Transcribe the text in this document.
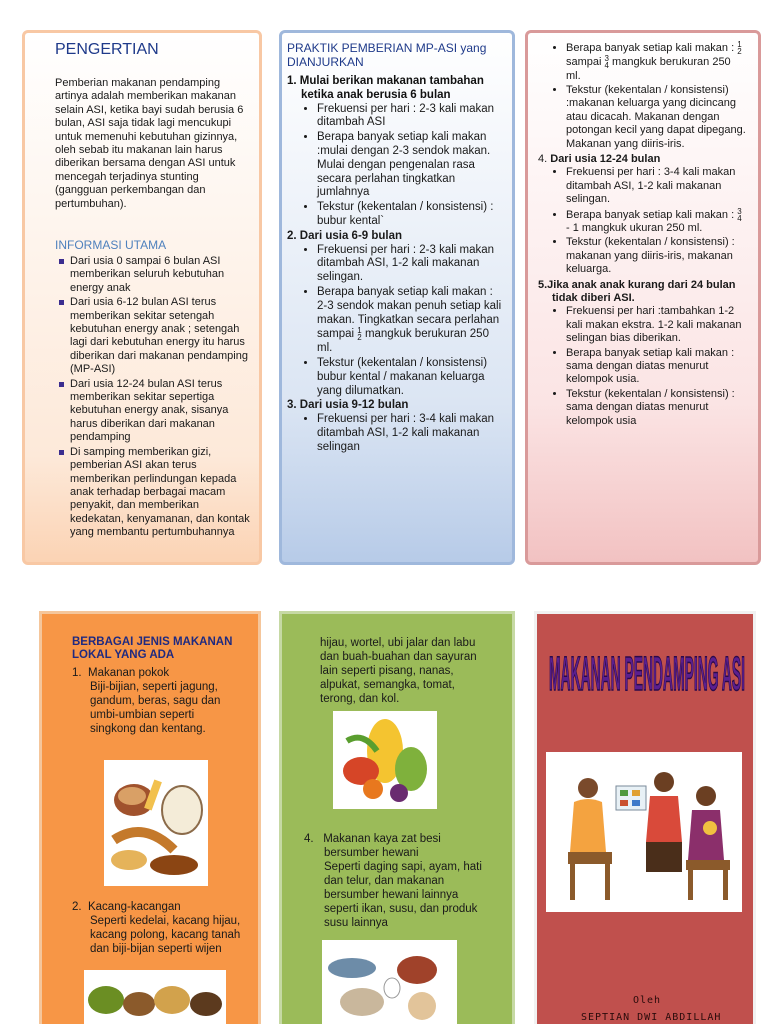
PENGERTIAN
Pemberian makanan pendamping artinya adalah memberikan makanan selain ASI, ketika bayi sudah berusia 6 bulan, ASI saja tidak lagi mencukupi untuk memenuhi kebutuhan gizinnya, oleh sebab itu makanan lain harus diberikan bersama dengan ASI untuk mencegah terjadinya stunting (gangguan perkembangan dan pertumbuhan).
INFORMASI UTAMA
Dari usia 0 sampai 6 bulan ASI memberikan seluruh kebutuhan energy anak
Dari usia 6-12 bulan ASI terus memberikan sekitar setengah kebutuhan energy anak ; setengah lagi dari kebutuhan energy itu harus diberikan dari makanan pendamping (MP-ASI)
Dari usia 12-24 bulan ASI terus memberikan sekitar sepertiga kebutuhan energy anak, sisanya harus diberikan dari makanan pendamping
Di samping memberikan gizi, pemberian ASI akan terus memberikan perlindungan kepada anak terhadap berbagai macam penyakit, dan memberikan kedekatan, kenyamanan, dan kontak yang membantu pertumbuhannya
PRAKTIK PEMBERIAN MP-ASI yang DIANJURKAN
1. Mulai berikan makanan tambahan ketika anak berusia 6 bulan
• Frekuensi per hari : 2-3 kali makan ditambah ASI
• Berapa banyak setiap kali makan :mulai dengan 2-3 sendok makan. Mulai dengan pengenalan rasa secara perlahan tingkatkan jumlahnya
• Tekstur (kekentalan / konsistensi) : bubur kental`
2. Dari usia 6-9 bulan
• Frekuensi per hari : 2-3 kali makan ditambah ASI, 1-2 kali makanan selingan.
• Berapa banyak setiap kali makan : 2-3 sendok makan penuh setiap kali makan. Tingkatkan secara perlahan sampai 1
2 mangkuk berukuran 250 ml.
• Tekstur (kekentalan / konsistensi) bubur kental / makanan keluarga yang dilumatkan.
3. Dari usia 9-12 bulan
• Frekuensi per hari : 3-4 kali makan ditambah ASI, 1-2 kali makanan selingan
• Berapa banyak setiap kali makan : 1
2 sampai 3
4 mangkuk berukuran 250 ml.
• Tekstur (kekentalan / konsistensi) :makanan keluarga yang dicincang atau dicacah. Makanan dengan potongan kecil yang dapat dipegang. Makanan yang diiris-iris.
4. Dari usia 12-24 bulan
• Frekuensi per hari : 3-4 kali makan ditambah ASI, 1-2 kali makanan selingan.
• Berapa banyak setiap kali makan : 3
4 - 1 mangkuk ukuran 250 ml.
• Tekstur (kekentalan / konsistensi) : makanan yang diiris-iris, makanan keluarga.
5.Jika anak anak kurang dari 24 bulan tidak diberi ASI.
• Frekuensi per hari :tambahkan 1-2 kali makan ekstra. 1-2 kali makanan selingan bias diberikan.
• Berapa banyak setiap kali makan : sama dengan diatas menurut kelompok usia.
• Tekstur (kekentalan / konsistensi) : sama dengan diatas menurut kelompok usia
BERBAGAI JENIS MAKANAN LOKAL YANG ADA
1. Makanan pokok
Biji-bijian, seperti jagung, gandum, beras, sagu dan umbi-umbian seperti singkong dan kentang.
2. Kacang-kacangan
Seperti kedelai, kacang hijau, kacang polong, kacang tanah dan biji-bijan seperti wijen
hijau, wortel, ubi jalar dan labu dan buah-buahan dan sayuran lain seperti pisang, nanas, alpukat, semangka, tomat, terong, dan kol.
4. Makanan kaya zat besi bersumber hewani
Seperti daging sapi, ayam, hati dan telur, dan makanan bersumber hewani lainnya seperti ikan, susu, dan produk susu lainnya
MAKANAN PENDAMPING ASI
Oleh
SEPTIAN DWI ABDILLAH
